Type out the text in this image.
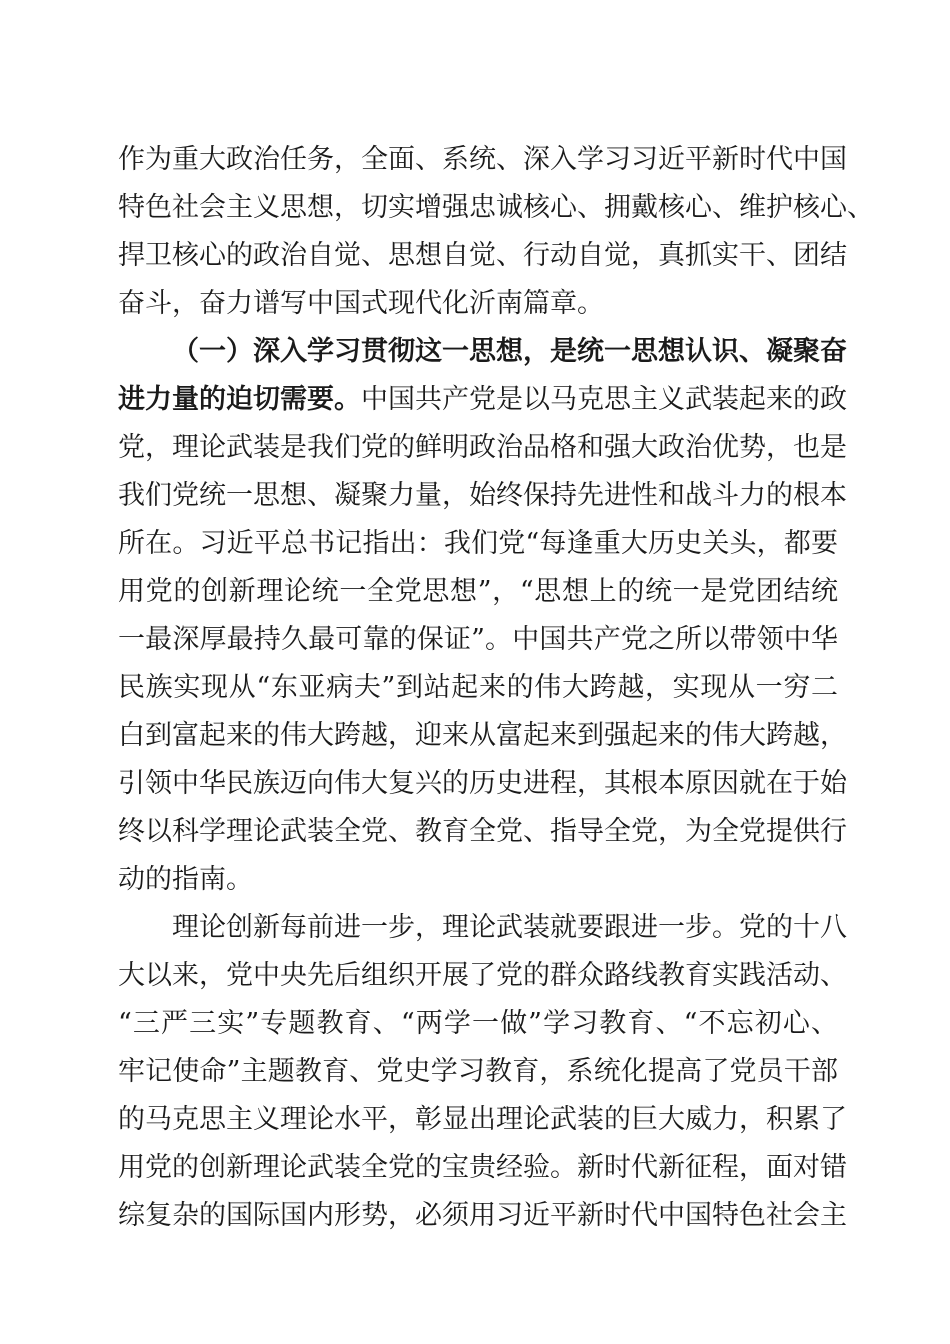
作为重大政治任务，全面、系统、深入学习习近平新时代中国
特色社会主义思想，切实增强忠诚核心、拥戴核心、维护核心、
捍卫核心的政治自觉、思想自觉、行动自觉，真抓实干、团结
奋斗，奋力谱写中国式现代化沂南篇章。
（一）深入学习贯彻这一思想，是统一思想认识、凝聚奋
进力量的迫切需要。中国共产党是以马克思主义武装起来的政
党，理论武装是我们党的鲜明政治品格和强大政治优势，也是
我们党统一思想、凝聚力量，始终保持先进性和战斗力的根本
所在。习近平总书记指出：我们党“每逢重大历史关头，都要
用党的创新理论统一全党思想”，“思想上的统一是党团结统
一最深厚最持久最可靠的保证”。中国共产党之所以带领中华
民族实现从“东亚病夫”到站起来的伟大跨越，实现从一穷二
白到富起来的伟大跨越，迎来从富起来到强起来的伟大跨越，
引领中华民族迈向伟大复兴的历史进程，其根本原因就在于始
终以科学理论武装全党、教育全党、指导全党，为全党提供行
动的指南。
理论创新每前进一步，理论武装就要跟进一步。党的十八
大以来，党中央先后组织开展了党的群众路线教育实践活动、
“三严三实”专题教育、“两学一做”学习教育、“不忘初心、
牢记使命”主题教育、党史学习教育，系统化提高了党员干部
的马克思主义理论水平，彰显出理论武装的巨大威力，积累了
用党的创新理论武装全党的宝贵经验。新时代新征程，面对错
综复杂的国际国内形势，必须用习近平新时代中国特色社会主
